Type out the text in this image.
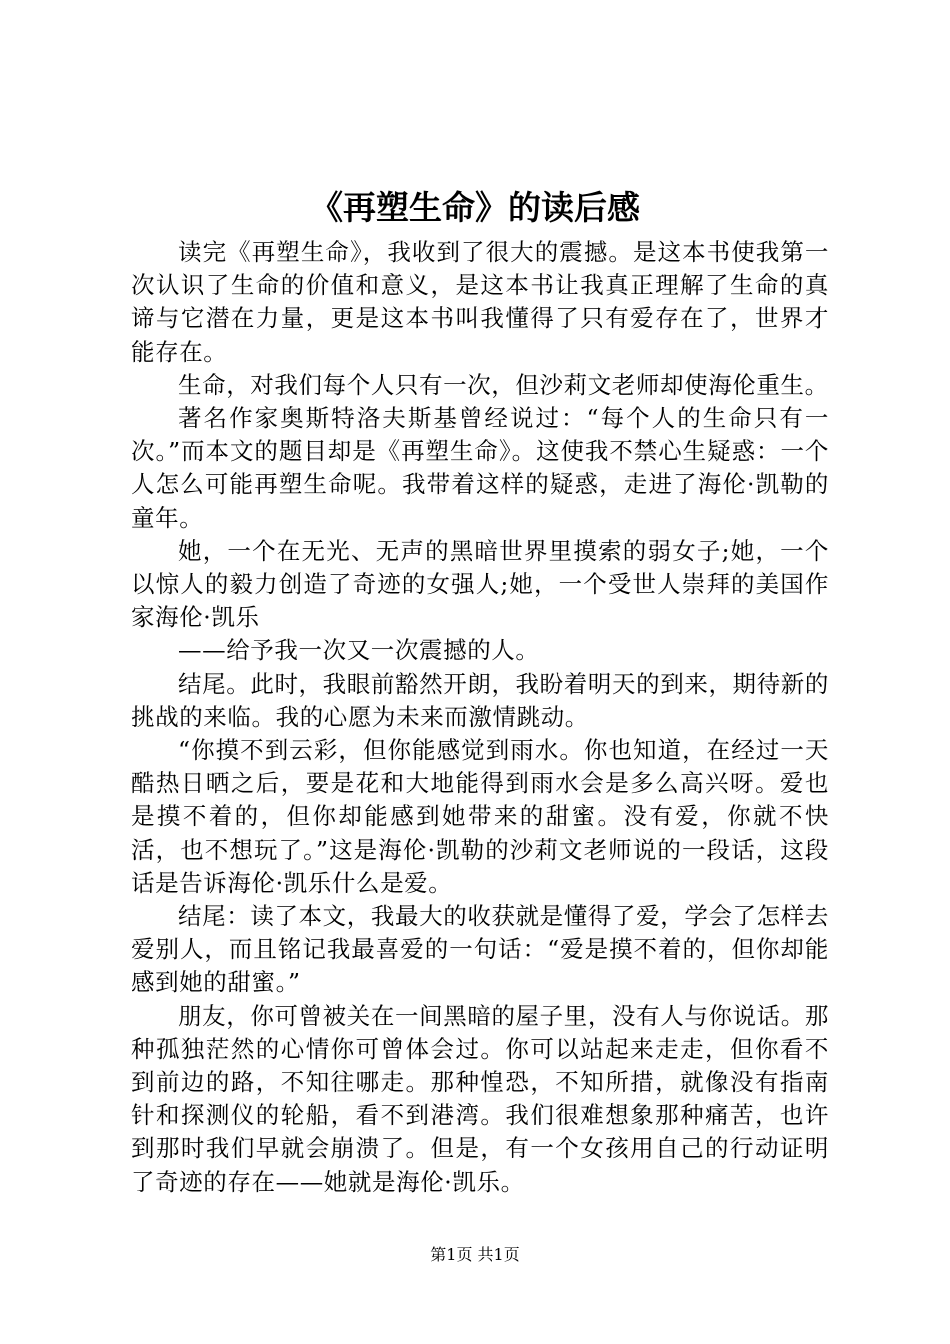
《再塑生命》的读后感

读完《再塑生命》，我收到了很大的震撼。是这本书使我第一次认识了生命的价值和意义，是这本书让我真正理解了生命的真谛与它潜在力量，更是这本书叫我懂得了只有爱存在了，世界才能存在。

生命，对我们每个人只有一次，但沙莉文老师却使海伦重生。

著名作家奥斯特洛夫斯基曾经说过：“每个人的生命只有一次。”而本文的题目却是《再塑生命》。这使我不禁心生疑惑：一个人怎么可能再塑生命呢。我带着这样的疑惑，走进了海伦·凯勒的童年。

她，一个在无光、无声的黑暗世界里摸索的弱女子;她，一个以惊人的毅力创造了奇迹的女强人;她，一个受世人崇拜的美国作家海伦·凯乐

——给予我一次又一次震撼的人。

结尾。此时，我眼前豁然开朗，我盼着明天的到来，期待新的挑战的来临。我的心愿为未来而激情跳动。

“你摸不到云彩，但你能感觉到雨水。你也知道，在经过一天酷热日晒之后，要是花和大地能得到雨水会是多么高兴呀。爱也是摸不着的，但你却能感到她带来的甜蜜。没有爱，你就不快活，也不想玩了。”这是海伦·凯勒的沙莉文老师说的一段话，这段话是告诉海伦·凯乐什么是爱。

结尾：读了本文，我最大的收获就是懂得了爱，学会了怎样去爱别人，而且铭记我最喜爱的一句话：“爱是摸不着的，但你却能感到她的甜蜜。”

朋友，你可曾被关在一间黑暗的屋子里，没有人与你说话。那种孤独茫然的心情你可曾体会过。你可以站起来走走，但你看不到前边的路，不知往哪走。那种惶恐，不知所措，就像没有指南针和探测仪的轮船，看不到港湾。我们很难想象那种痛苦，也许到那时我们早就会崩溃了。但是，有一个女孩用自己的行动证明了奇迹的存在——她就是海伦·凯乐。

第1页 共1页
